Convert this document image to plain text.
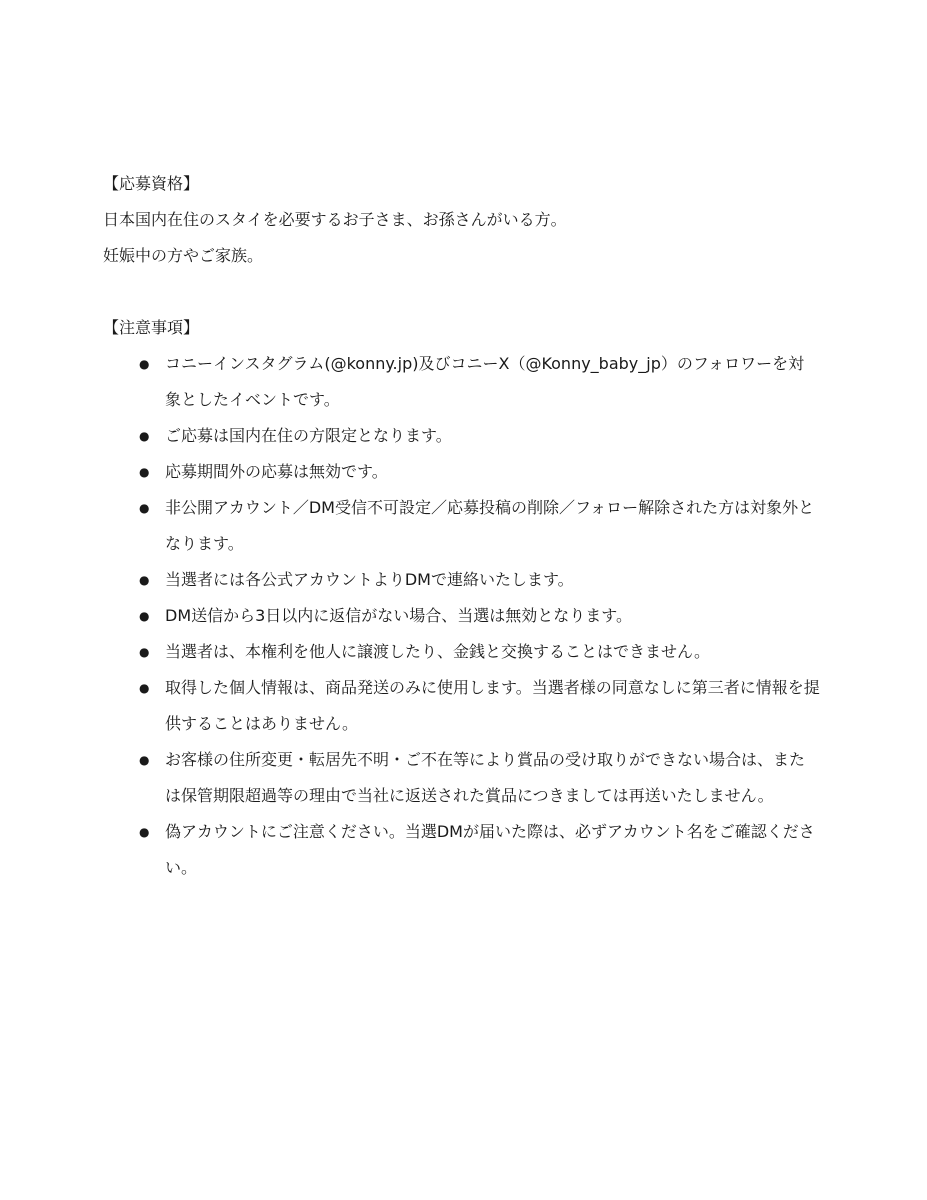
【応募資格】

日本国内在住のスタイを必要するお子さま、お孫さんがいる方。

妊娠中の方やご家族。

【注意事項】

● コニーインスタグラム(@konny.jp)及びコニーX（@Konny_baby_jp）のフォロワーを対象としたイベントです。
● ご応募は国内在住の方限定となります。
● 応募期間外の応募は無効です。
● 非公開アカウント／DM受信不可設定／応募投稿の削除／フォロー解除された方は対象外となります。
● 当選者には各公式アカウントよりDMで連絡いたします。
● DM送信から3日以内に返信がない場合、当選は無効となります。
● 当選者は、本権利を他人に譲渡したり、金銭と交換することはできません。
● 取得した個人情報は、商品発送のみに使用します。当選者様の同意なしに第三者に情報を提供することはありません。
● お客様の住所変更・転居先不明・ご不在等により賞品の受け取りができない場合は、または保管期限超過等の理由で当社に返送された賞品につきましては再送いたしません。
● 偽アカウントにご注意ください。当選DMが届いた際は、必ずアカウント名をご確認ください。
